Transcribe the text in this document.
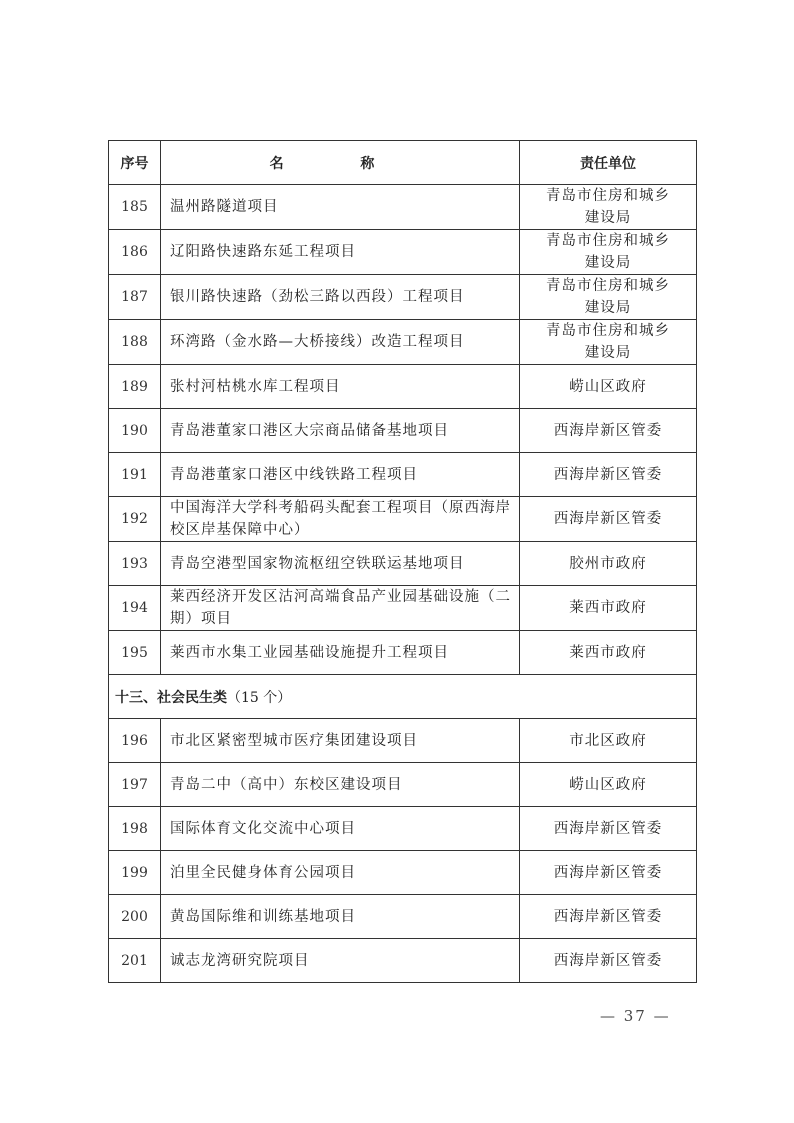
序号	名 称	责任单位
185	温州路隧道项目	青岛市住房和城乡
建设局

186	辽阳路快速路东延工程项目	青岛市住房和城乡
建设局

187	银川路快速路（劲松三路以西段）工程项目	青岛市住房和城乡
建设局

188	环湾路（金水路—大桥接线）改造工程项目	青岛市住房和城乡
建设局

189	张村河枯桃水库工程项目	崂山区政府
190	青岛港董家口港区大宗商品储备基地项目	西海岸新区管委
191	青岛港董家口港区中线铁路工程项目	西海岸新区管委
192	中国海洋大学科考船码头配套工程项目（原西海岸校区岸基保障中心）	西海岸新区管委
193	青岛空港型国家物流枢纽空铁联运基地项目	胶州市政府
194	莱西经济开发区沽河高端食品产业园基础设施（二期）项目	莱西市政府
195	莱西市水集工业园基础设施提升工程项目	莱西市政府
十三、社会民生类（15 个）		
196	市北区紧密型城市医疗集团建设项目	市北区政府
197	青岛二中（高中）东校区建设项目	崂山区政府
198	国际体育文化交流中心项目	西海岸新区管委
199	泊里全民健身体育公园项目	西海岸新区管委
200	黄岛国际维和训练基地项目	西海岸新区管委
201	诚志龙湾研究院项目	西海岸新区管委
— 37 —
